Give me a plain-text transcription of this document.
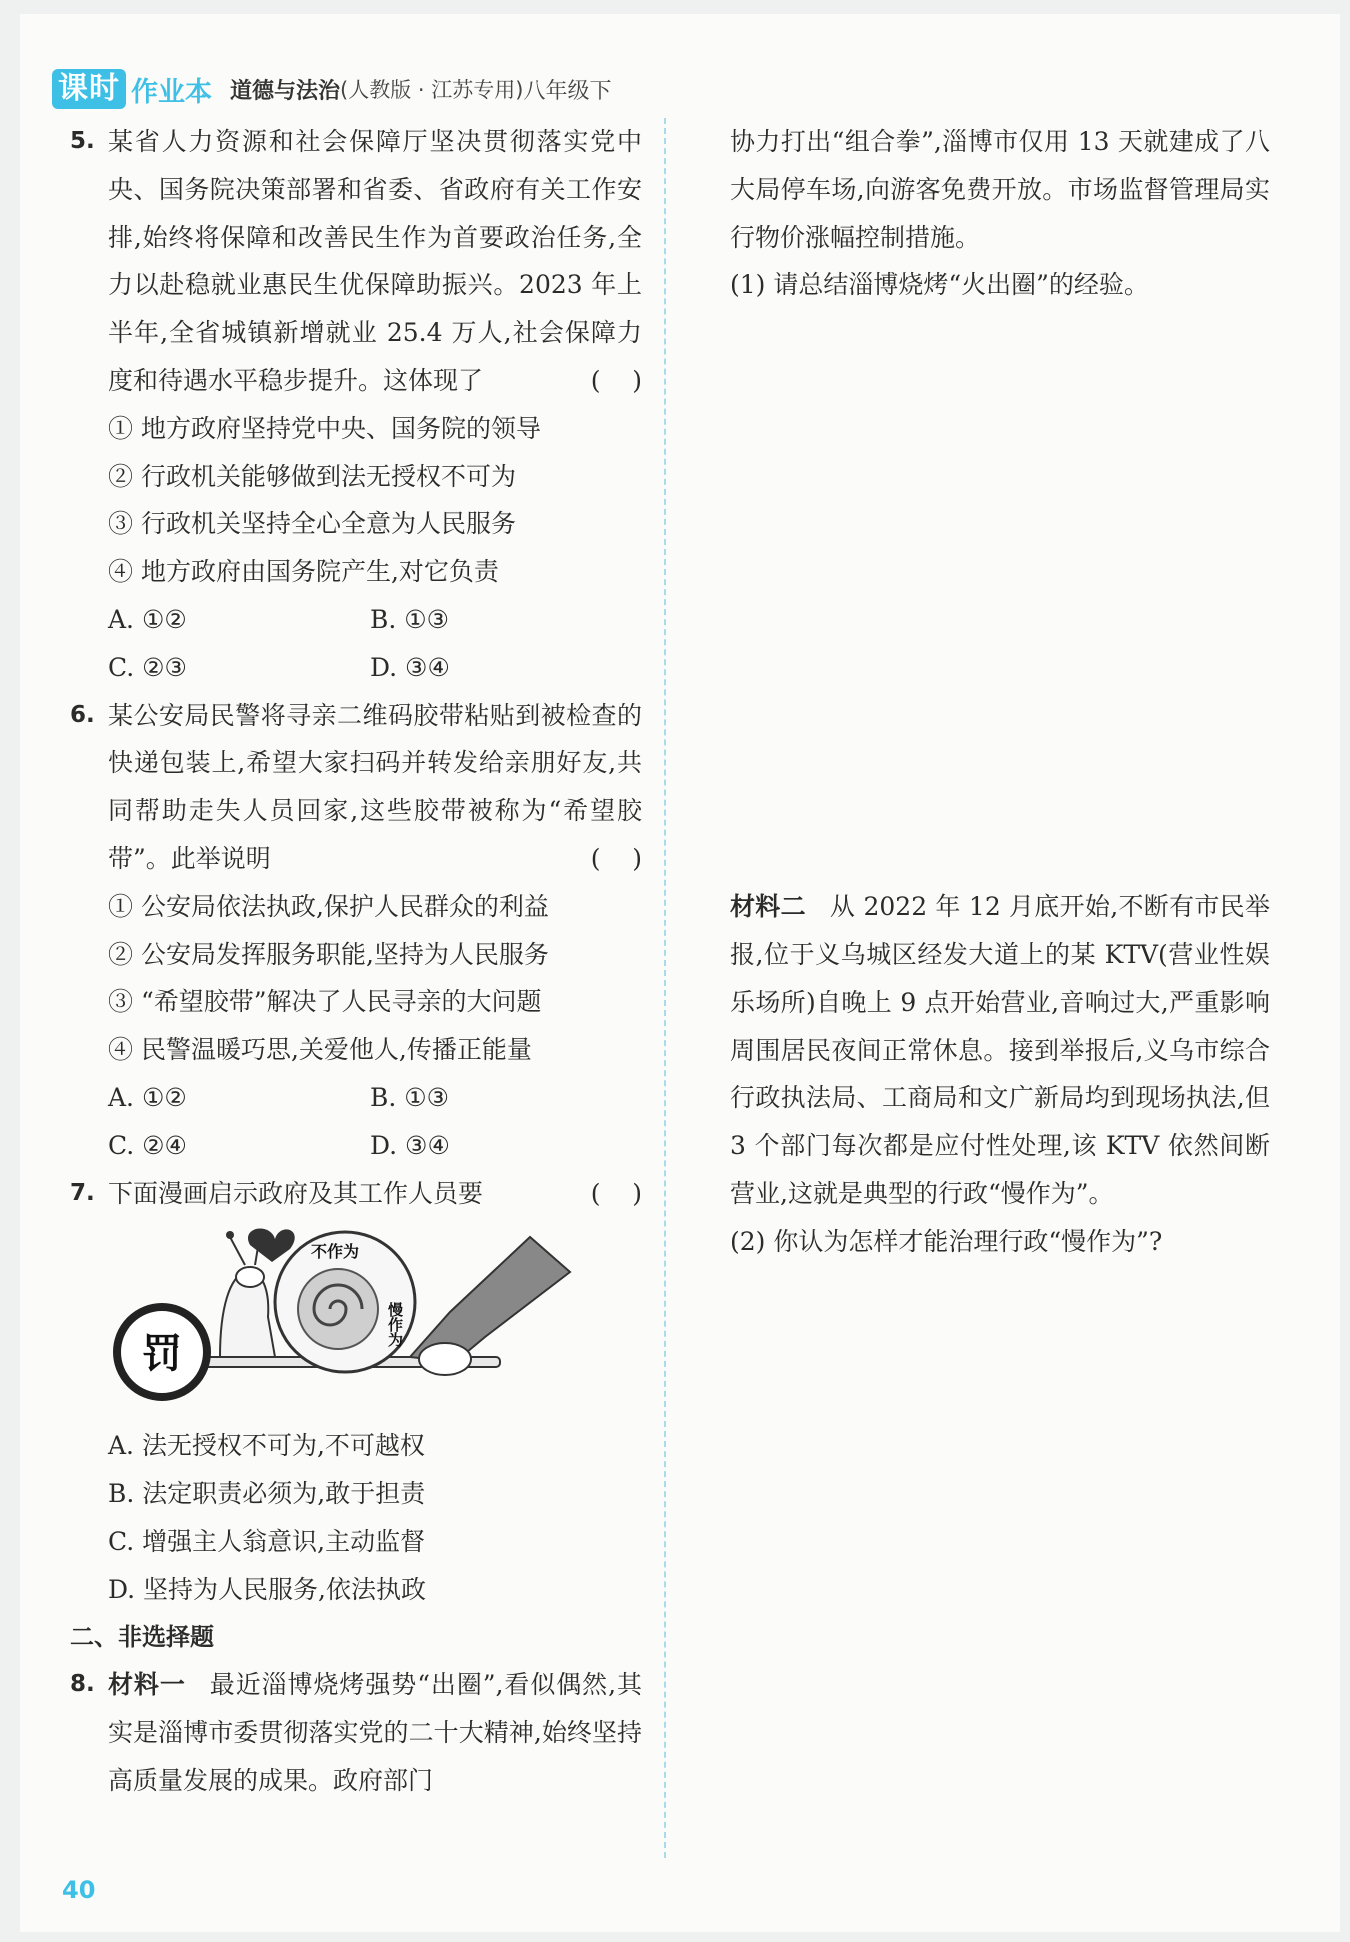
课时 作业本 道德与法治 (人教版 · 江苏专用) 八年级下
5. 某省人力资源和社会保障厅坚决贯彻落实党中央、国务院决策部署和省委、省政府有关工作安排,始终将保障和改善民生作为首要政治任务,全力以赴稳就业惠民生优保障助振兴。2023 年上半年,全省城镇新增就业 25.4 万人,社会保障力度和待遇水平稳步提升。这体现了	(    )
① 地方政府坚持党中央、国务院的领导
② 行政机关能够做到法无授权不可为
③ 行政机关坚持全心全意为人民服务
④ 地方政府由国务院产生,对它负责
A. ①②	B. ①③
C. ②③	D. ③④
6. 某公安局民警将寻亲二维码胶带粘贴到被检查的快递包装上,希望大家扫码并转发给亲朋好友,共同帮助走失人员回家,这些胶带被称为“希望胶带”。此举说明	(    )
① 公安局依法执政,保护人民群众的利益
② 公安局发挥服务职能,坚持为人民服务
③ “希望胶带”解决了人民寻亲的大问题
④ 民警温暖巧思,关爱他人,传播正能量
A. ①②	B. ①③
C. ②④	D. ③④
7. 下面漫画启示政府及其工作人员要	(    )
罚
不作为
慢作为
A. 法无授权不可为,不可越权
B. 法定职责必须为,敢于担责
C. 增强主人翁意识,主动监督
D. 坚持为人民服务,依法执政
二、非选择题
8. 材料一 最近淄博烧烤强势“出圈”,看似偶然,其实是淄博市委贯彻落实党的二十大精神,始终坚持高质量发展的成果。政府部门
协力打出“组合拳”,淄博市仅用 13 天就建成了八大局停车场,向游客免费开放。市场监督管理局实行物价涨幅控制措施。
(1) 请总结淄博烧烤“火出圈”的经验。
材料二 从 2022 年 12 月底开始,不断有市民举报,位于义乌城区经发大道上的某 KTV(营业性娱乐场所)自晚上 9 点开始营业,音响过大,严重影响周围居民夜间正常休息。接到举报后,义乌市综合行政执法局、工商局和文广新局均到现场执法,但 3 个部门每次都是应付性处理,该 KTV 依然间断营业,这就是典型的行政“慢作为”。
(2) 你认为怎样才能治理行政“慢作为”?
40
